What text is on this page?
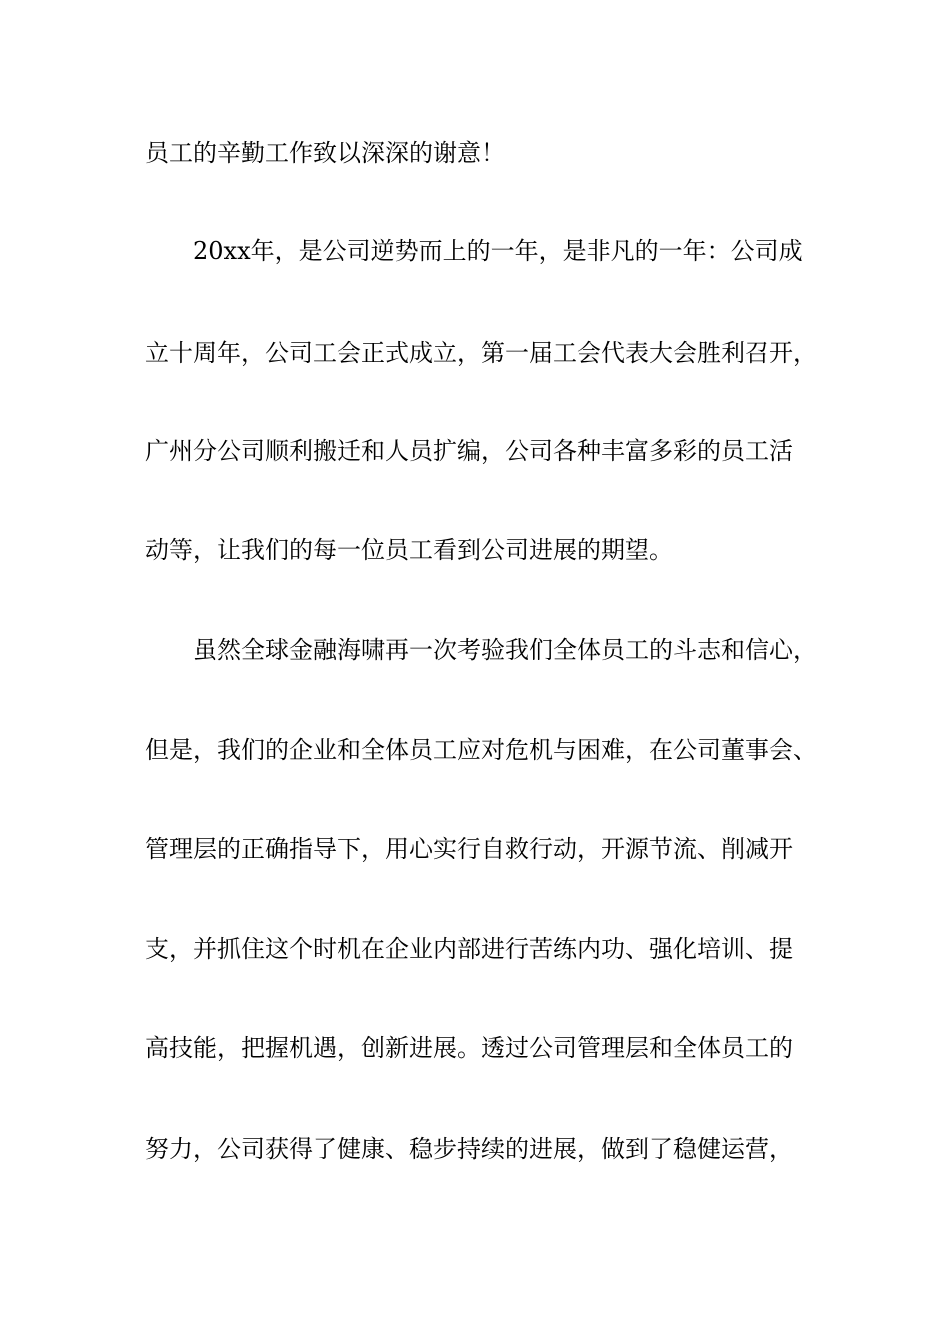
员工的辛勤工作致以深深的谢意！
20xx年，是公司逆势而上的一年，是非凡的一年：公司成
立十周年，公司工会正式成立，第一届工会代表大会胜利召开，
广州分公司顺利搬迁和人员扩编，公司各种丰富多彩的员工活
动等，让我们的每一位员工看到公司进展的期望。
虽然全球金融海啸再一次考验我们全体员工的斗志和信心，
但是，我们的企业和全体员工应对危机与困难，在公司董事会、
管理层的正确指导下，用心实行自救行动，开源节流、削减开
支，并抓住这个时机在企业内部进行苦练内功、强化培训、提
高技能，把握机遇，创新进展。透过公司管理层和全体员工的
努力，公司获得了健康、稳步持续的进展，做到了稳健运营，
